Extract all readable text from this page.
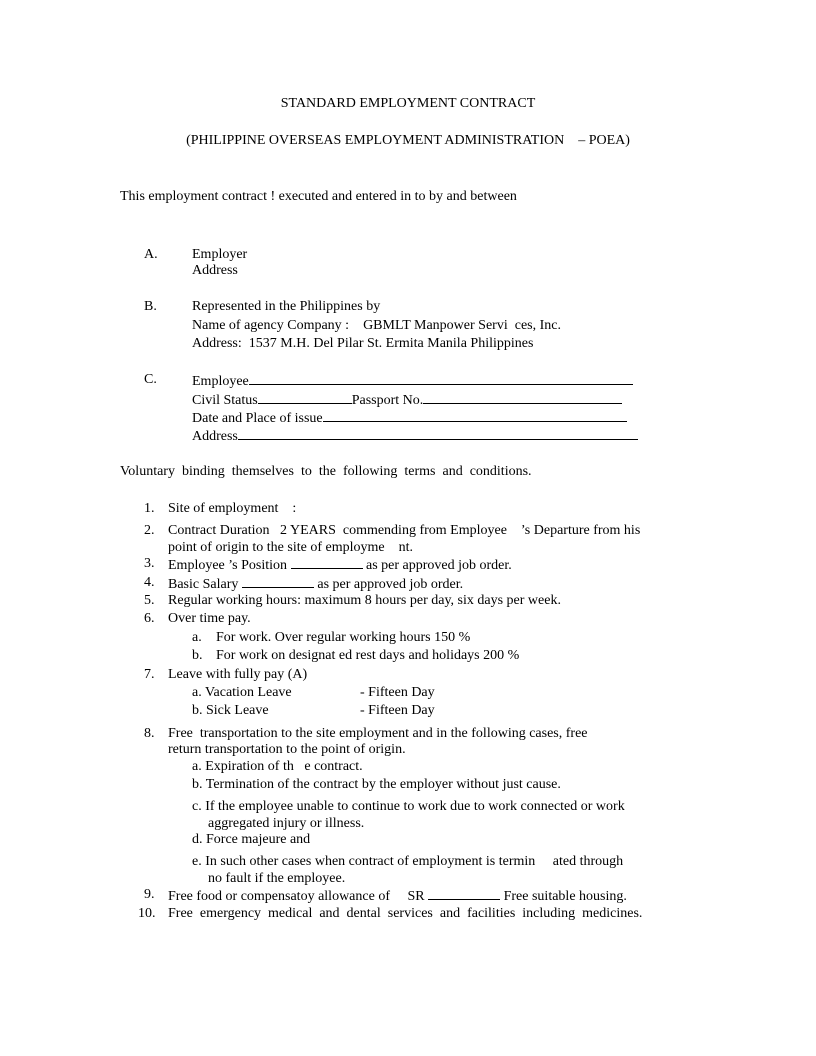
STANDARD EMPLOYMENT CONTRACT
(PHILIPPINE OVERSEAS EMPLOYMENT ADMINISTRATION    – POEA)
This employment contract ! executed and entered in to by and between
A. Employer
Address
B.	Represented in the Philippines by
Name of agency Company :    GBMLT Manpower Servi  ces, Inc.
Address:  1537 M.H. Del Pilar St. Ermita Manila Philippines
C.	Employee
Civil Status	Passport No.
Date and Place of issue
Address
Voluntary  binding  themselves  to  the  following  terms  and  conditions.
1. Site of employment    :
2. Contract Duration   2 YEARS  commending from Employee    ’s Departure from his
point of origin to the site of employme    nt.
3. Employee ’s Position	as per approved job order.
4. Basic Salary	as per approved job order.
5. Regular working hours: maximum 8 hours per day, six days per week.
6. Over time pay.
a. For work. Over regular working hours 150 %
b. For work on designat ed rest days and holidays 200 %
7. Leave with fully pay (A)
a. Vacation Leave	- Fifteen Day
b. Sick Leave	- Fifteen Day
8. Free  transportation to the site employment and in the following cases, free
return transportation to the point of origin.
a. Expiration of th   e contract.
b. Termination of the contract by the employer without just cause.
c. If the employee unable to continue to work due to work connected or work
aggregated injury or illness.
d. Force majeure and
e. In such other cases when contract of employment is termin     ated through
no fault if the employee.
9. Free food or compensatoy allowance of     SR	Free suitable housing.
10. Free  emergency  medical  and  dental  services  and  facilities  including  medicines.
